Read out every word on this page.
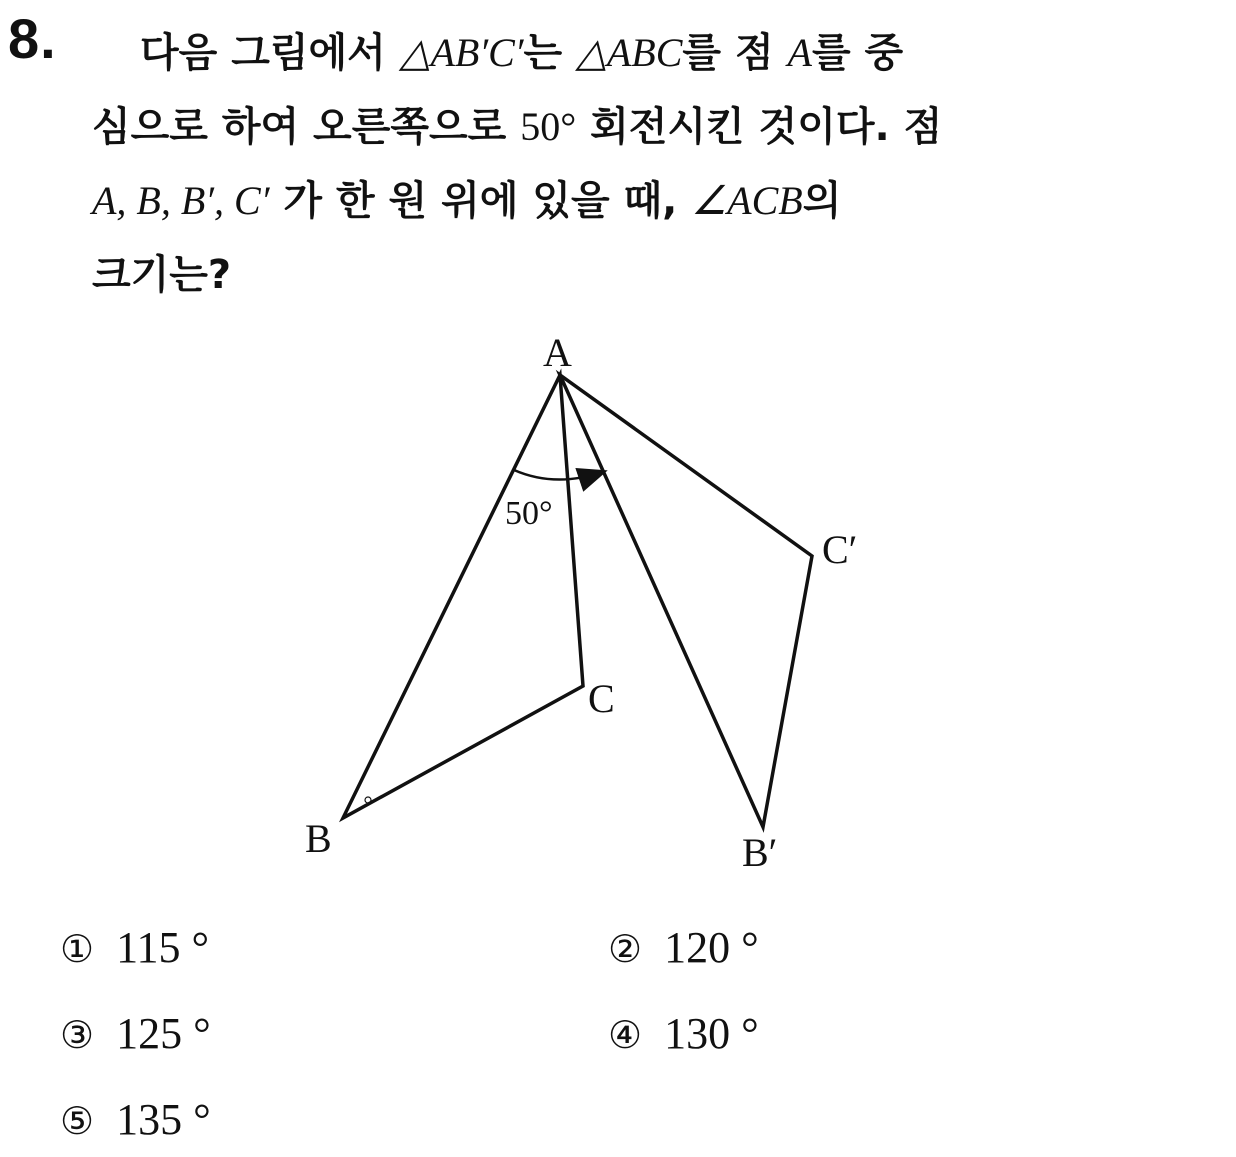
8.	다음 그림에서 △AB′C′는 △ABC를 점 A를 중
심으로 하여 오른쪽으로 50° 회전시킨 것이다. 점
A, B, B′, C′ 가 한 원 위에 있을 때, ∠ACB의
크기는?
50°
A
B
C
B′
C′
① 115 °	② 120 °
③ 125 °	④ 130 °
⑤ 135 °
